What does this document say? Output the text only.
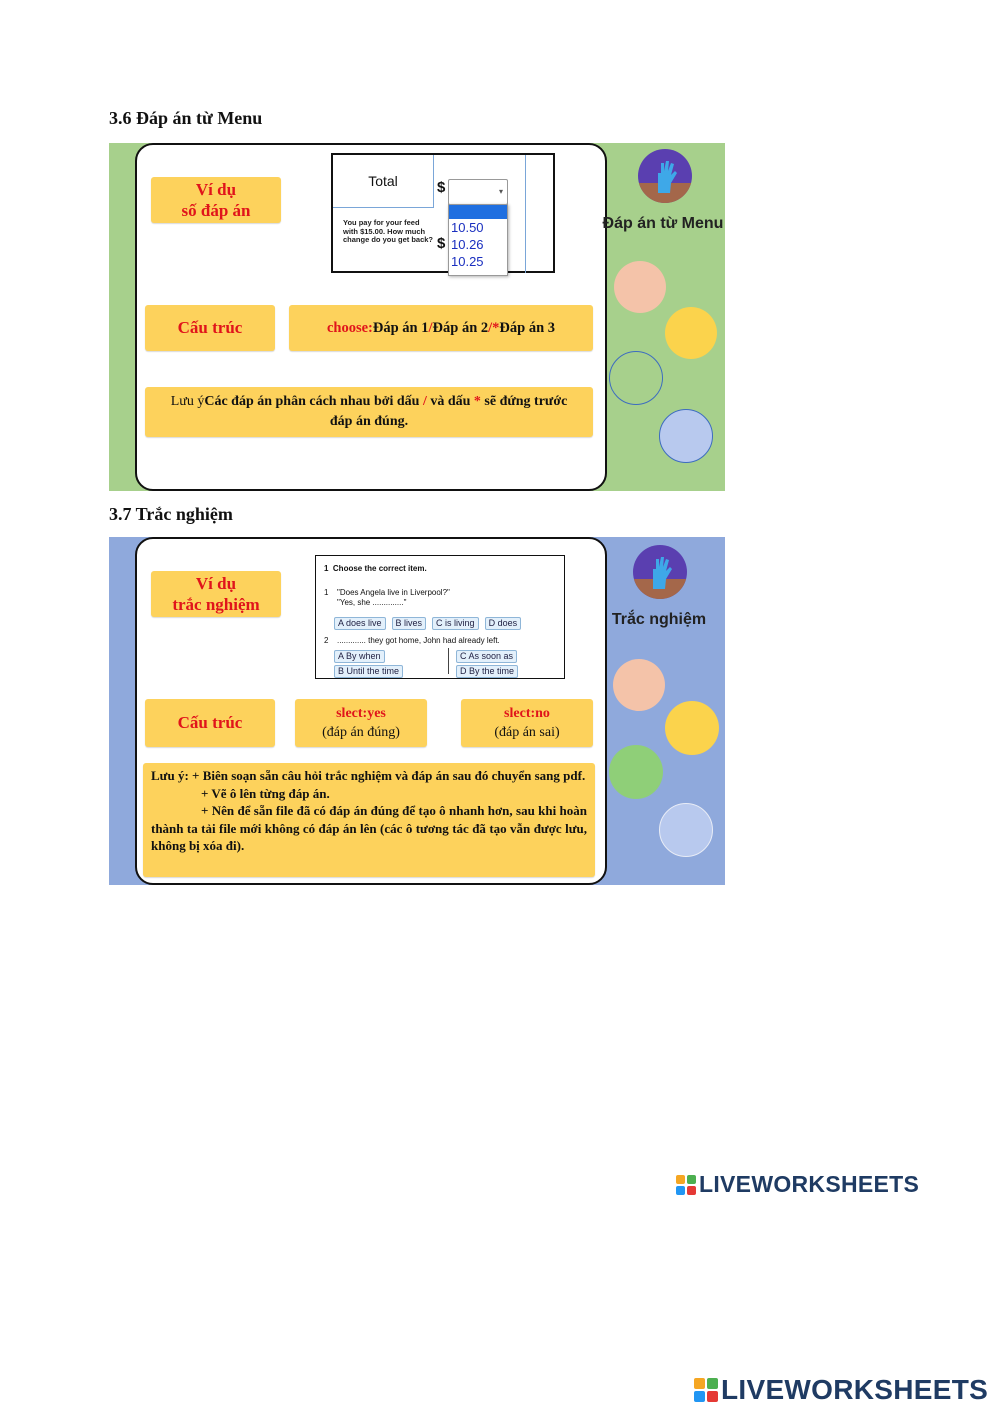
3.6 Đáp án từ Menu
Ví dụ
số đáp án
Total	$	▾
You pay for your feed with $15.00. How much change do you get back? $
10.50
10.26
10.25
Cấu trúc	choose: Đáp án 1 / Đáp án 2 / * Đáp án 3
Lưu ýCác đáp án phân cách nhau bởi dấu / và dấu * sẽ đứng trước đáp án đúng.
Đáp án từ Menu
3.7 Trắc nghiệm
Ví dụ
trắc nghiệm
1 Choose the correct item.
1 "Does Angela live in Liverpool?"
"Yes, she .............."
A does live B lives C is living D does
2 ............. they got home, John had already left.
A By when
B Until the time
C As soon as
D By the time
Cấu trúc	slect:yes
(đáp án đúng)
slect:no
(đáp án sai)
Lưu ý: + Biên soạn sẵn câu hỏi trắc nghiệm và đáp án sau đó chuyển sang pdf.
+ Vẽ ô lên từng đáp án.
+ Nên để sẵn file đã có đáp án đúng để tạo ô nhanh hơn, sau khi hoàn thành ta tải file mới không có đáp án lên (các ô tương tác đã tạo vẫn được lưu, không bị xóa đi).
Trắc nghiệm
LIVEWORKSHEETS
LIVEWORKSHEETS
